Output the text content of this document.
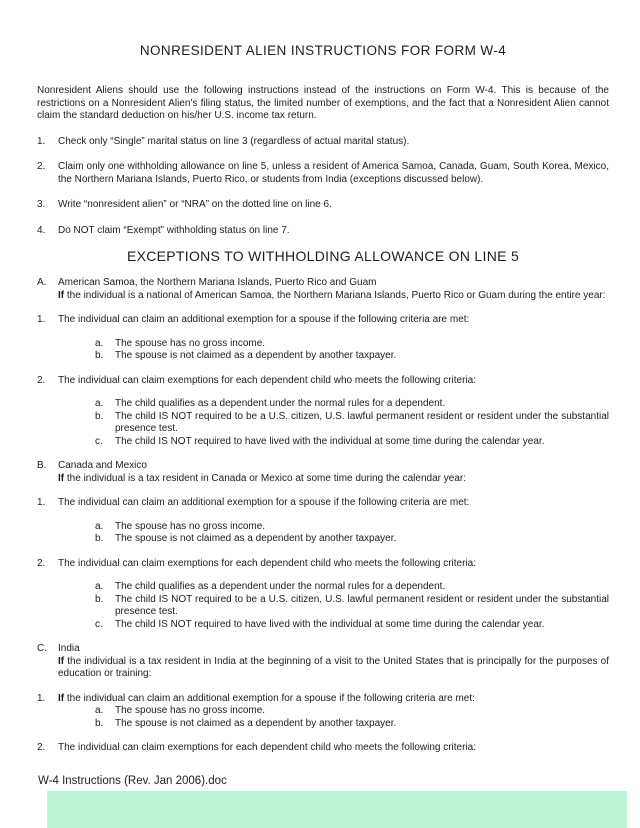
NONRESIDENT ALIEN INSTRUCTIONS FOR FORM W-4
Nonresident Aliens should use the following instructions instead of the instructions on Form W-4. This is because of the restrictions on a Nonresident Alien’s filing status, the limited number of exemptions, and the fact that a Nonresident Alien cannot claim the standard deduction on his/her U.S. income tax return.
1.	Check only “Single” marital status on line 3 (regardless of actual marital status).
2.	Claim only one withholding allowance on line 5, unless a resident of America Samoa, Canada, Guam, South Korea, Mexico, the Northern Mariana Islands, Puerto Rico, or students from India (exceptions discussed below).
3.	Write “nonresident alien” or “NRA” on the dotted line on line 6.
4.	Do NOT claim “Exempt” withholding status on line 7.
EXCEPTIONS TO WITHHOLDING ALLOWANCE ON LINE 5
A.	American Samoa, the Northern Mariana Islands, Puerto Rico and Guam
If the individual is a national of American Samoa, the Northern Mariana Islands, Puerto Rico or Guam during the entire year:
1.	The individual can claim an additional exemption for a spouse if the following criteria are met:
a.	The spouse has no gross income.
b.	The spouse is not claimed as a dependent by another taxpayer.
2.	The individual can claim exemptions for each dependent child who meets the following criteria:
a.	The child qualifies as a dependent under the normal rules for a dependent.
b.	The child IS NOT required to be a U.S. citizen, U.S. lawful permanent resident or resident under the substantial presence test.
c.	The child IS NOT required to have lived with the individual at some time during the calendar year.
B.	Canada and Mexico
If the individual is a tax resident in Canada or Mexico at some time during the calendar year:
1.	The individual can claim an additional exemption for a spouse if the following criteria are met:
a.	The spouse has no gross income.
b.	The spouse is not claimed as a dependent by another taxpayer.
2.	The individual can claim exemptions for each dependent child who meets the following criteria:
a.	The child qualifies as a dependent under the normal rules for a dependent.
b.	The child IS NOT required to be a U.S. citizen, U.S. lawful permanent resident or resident under the substantial presence test.
c.	The child IS NOT required to have lived with the individual at some time during the calendar year.
C.	India
If the individual is a tax resident in India at the beginning of a visit to the United States that is principally for the purposes of education or training:
1.	If the individual can claim an additional exemption for a spouse if the following criteria are met:
a.	The spouse has no gross income.
b.	The spouse is not claimed as a dependent by another taxpayer.
2.	The individual can claim exemptions for each dependent child who meets the following criteria:
W-4 Instructions (Rev. Jan 2006).doc
